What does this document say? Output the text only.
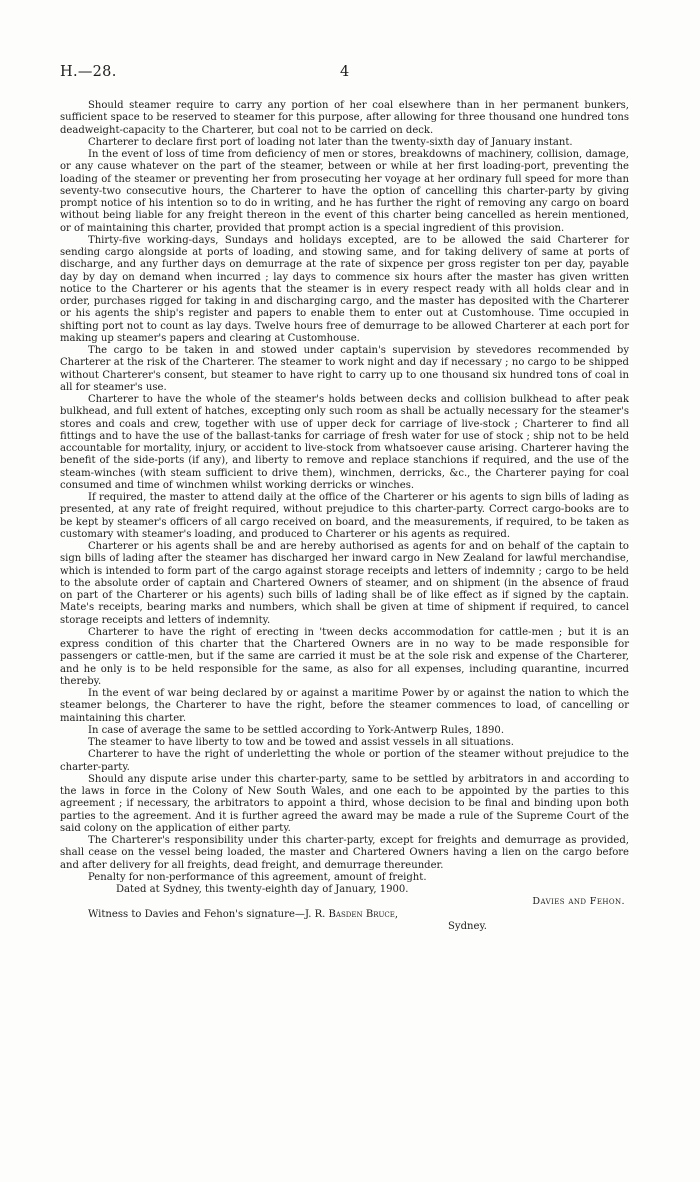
H.—28.	4

Should steamer require to carry any portion of her coal elsewhere than in her permanent bunkers, sufficient space to be reserved to steamer for this purpose, after allowing for three thousand one hundred tons deadweight-capacity to the Charterer, but coal not to be carried on deck.

Charterer to declare first port of loading not later than the twenty-sixth day of January instant.

In the event of loss of time from deficiency of men or stores, breakdowns of machinery, collision, damage, or any cause whatever on the part of the steamer, between or while at her first loading-port, preventing the loading of the steamer or preventing her from prosecuting her voyage at her ordinary full speed for more than seventy-two consecutive hours, the Charterer to have the option of cancelling this charter-party by giving prompt notice of his intention so to do in writing, and he has further the right of removing any cargo on board without being liable for any freight thereon in the event of this charter being cancelled as herein mentioned, or of maintaining this charter, provided that prompt action is a special ingredient of this provision.

Thirty-five working-days, Sundays and holidays excepted, are to be allowed the said Charterer for sending cargo alongside at ports of loading, and stowing same, and for taking delivery of same at ports of discharge, and any further days on demurrage at the rate of sixpence per gross register ton per day, payable day by day on demand when incurred ; lay days to commence six hours after the master has given written notice to the Charterer or his agents that the steamer is in every respect ready with all holds clear and in order, purchases rigged for taking in and discharging cargo, and the master has deposited with the Charterer or his agents the ship's register and papers to enable them to enter out at Customhouse. Time occupied in shifting port not to count as lay days. Twelve hours free of demurrage to be allowed Charterer at each port for making up steamer's papers and clearing at Customhouse.

The cargo to be taken in and stowed under captain's supervision by stevedores recommended by Charterer at the risk of the Charterer. The steamer to work night and day if necessary ; no cargo to be shipped without Charterer's consent, but steamer to have right to carry up to one thousand six hundred tons of coal in all for steamer's use.

Charterer to have the whole of the steamer's holds between decks and collision bulkhead to after peak bulkhead, and full extent of hatches, excepting only such room as shall be actually necessary for the steamer's stores and coals and crew, together with use of upper deck for carriage of live-stock ; Charterer to find all fittings and to have the use of the ballast-tanks for carriage of fresh water for use of stock ; ship not to be held accountable for mortality, injury, or accident to live-stock from whatsoever cause arising. Charterer having the benefit of the side-ports (if any), and liberty to remove and replace stanchions if required, and the use of the steam-winches (with steam sufficient to drive them), winchmen, derricks, &c., the Charterer paying for coal consumed and time of winchmen whilst working derricks or winches.

If required, the master to attend daily at the office of the Charterer or his agents to sign bills of lading as presented, at any rate of freight required, without prejudice to this charter-party. Correct cargo-books are to be kept by steamer's officers of all cargo received on board, and the measurements, if required, to be taken as customary with steamer's loading, and produced to Charterer or his agents as required.

Charterer or his agents shall be and are hereby authorised as agents for and on behalf of the captain to sign bills of lading after the steamer has discharged her inward cargo in New Zealand for lawful merchandise, which is intended to form part of the cargo against storage receipts and letters of indemnity ; cargo to be held to the absolute order of captain and Chartered Owners of steamer, and on shipment (in the absence of fraud on part of the Charterer or his agents) such bills of lading shall be of like effect as if signed by the captain. Mate's receipts, bearing marks and numbers, which shall be given at time of shipment if required, to cancel storage receipts and letters of indemnity.

Charterer to have the right of erecting in 'tween decks accommodation for cattle-men ; but it is an express condition of this charter that the Chartered Owners are in no way to be made responsible for passengers or cattle-men, but if the same are carried it must be at the sole risk and expense of the Charterer, and he only is to be held responsible for the same, as also for all expenses, including quarantine, incurred thereby.

In the event of war being declared by or against a maritime Power by or against the nation to which the steamer belongs, the Charterer to have the right, before the steamer commences to load, of cancelling or maintaining this charter.

In case of average the same to be settled according to York-Antwerp Rules, 1890.

The steamer to have liberty to tow and be towed and assist vessels in all situations.

Charterer to have the right of underletting the whole or portion of the steamer without prejudice to the charter-party.

Should any dispute arise under this charter-party, same to be settled by arbitrators in and according to the laws in force in the Colony of New South Wales, and one each to be appointed by the parties to this agreement ; if necessary, the arbitrators to appoint a third, whose decision to be final and binding upon both parties to the agreement. And it is further agreed the award may be made a rule of the Supreme Court of the said colony on the application of either party.

The Charterer's responsibility under this charter-party, except for freights and demurrage as provided, shall cease on the vessel being loaded, the master and Chartered Owners having a lien on the cargo before and after delivery for all freights, dead freight, and demurrage thereunder.

Penalty for non-performance of this agreement, amount of freight.

Dated at Sydney, this twenty-eighth day of January, 1900.

Davies and Fehon.

Witness to Davies and Fehon's signature—J. R. Basden Bruce,

Sydney.
